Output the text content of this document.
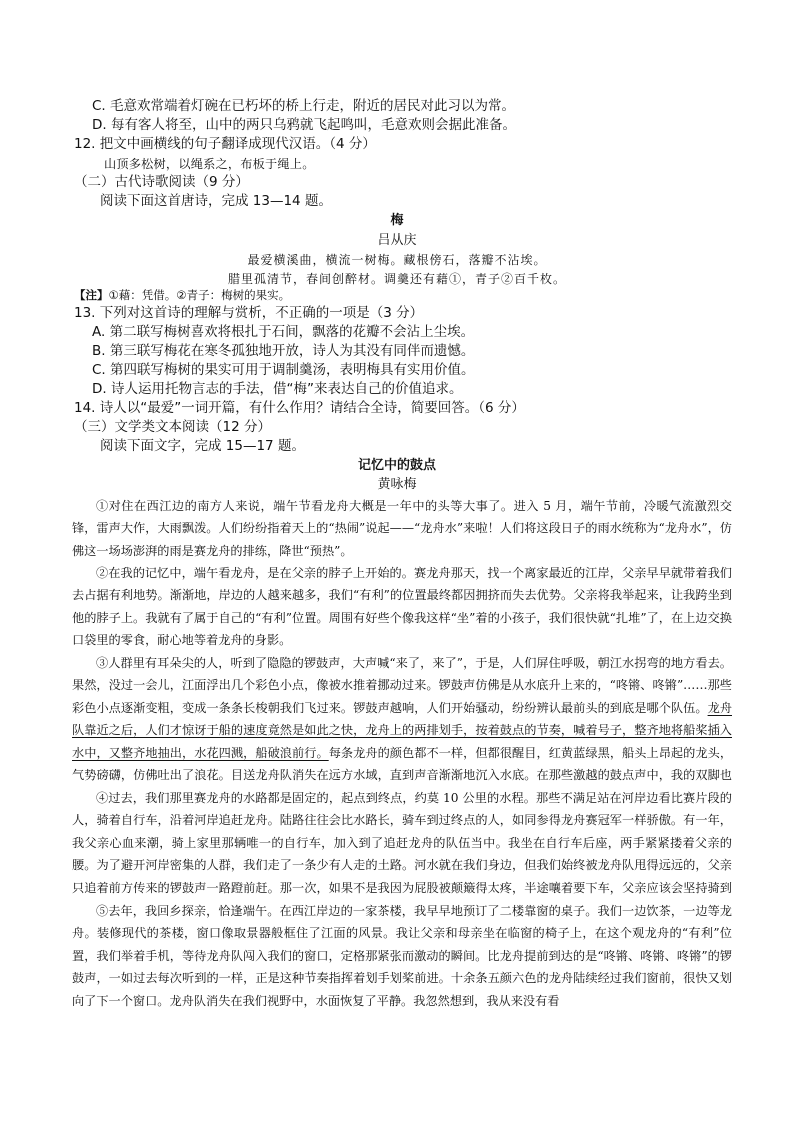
C. 毛意欢常端着灯碗在已朽坏的桥上行走，附近的居民对此习以为常。
D. 每有客人将至，山中的两只乌鸦就飞起鸣叫，毛意欢则会据此准备。
12. 把文中画横线的句子翻译成现代汉语。（4 分）
山顶多松树，以绳系之，布板于绳上。
（二）古代诗歌阅读（9 分）
阅读下面这首唐诗，完成 13—14 题。
梅
吕从庆
最爱横溪曲，横流一树梅。藏根傍石，落瓣不沾埃。
腊里孤清节，春间创醉材。调羹还有藉①，青子②百千枚。
【注】①藉：凭借。②青子：梅树的果实。
13. 下列对这首诗的理解与赏析，不正确的一项是（3 分）
A. 第二联写梅树喜欢将根扎于石间，飘落的花瓣不会沾上尘埃。
B. 第三联写梅花在寒冬孤独地开放，诗人为其没有同伴而遗憾。
C. 第四联写梅树的果实可用于调制羹汤，表明梅具有实用价值。
D. 诗人运用托物言志的手法，借“梅”来表达自己的价值追求。
14. 诗人以“最爱”一词开篇，有什么作用？请结合全诗，简要回答。（6 分）
（三）文学类文本阅读（12 分）
阅读下面文字，完成 15—17 题。
记忆中的鼓点
黄咏梅
①对住在西江边的南方人来说，端午节看龙舟大概是一年中的头等大事了。进入 5 月，端午节前，冷暖气流激烈交锋，雷声大作，大雨飘泼。人们纷纷指着天上的“热闹”说起——“龙舟水”来啦！人们将这段日子的雨水统称为“龙舟水”，仿佛这一场场澎湃的雨是赛龙舟的排练，降世“预热”。
②在我的记忆中，端午看龙舟，是在父亲的脖子上开始的。赛龙舟那天，找一个离家最近的江岸，父亲早早就带着我们去占据有利地势。渐渐地，岸边的人越来越多，我们“有利”的位置最终都因拥挤而失去优势。父亲将我举起来，让我跨坐到他的脖子上。我就有了属于自己的“有利”位置。周围有好些个像我这样“坐”着的小孩子，我们很快就“扎堆”了，在上边交换口袋里的零食，耐心地等着龙舟的身影。
③人群里有耳朵尖的人，听到了隐隐的锣鼓声，大声喊“来了，来了”，于是，人们屏住呼吸，朝江水拐弯的地方看去。果然，没过一会儿，江面浮出几个彩色小点，像被水推着挪动过来。锣鼓声仿佛是从水底升上来的，“咚锵、咚锵”……那些彩色小点逐渐变粗，变成一条条长梭朝我们飞过来。锣鼓声越响，人们开始骚动，纷纷辨认最前头的到底是哪个队伍。龙舟队靠近之后，人们才惊讶于船的速度竟然是如此之快，龙舟上的两排划手，按着鼓点的节奏，喊着号子，整齐地将船桨插入水中，又整齐地抽出，水花四溅，船破浪前行。每条龙舟的颜色都不一样，但都很醒目，红黄蓝绿黑，船头上昂起的龙头，气势磅礴，仿佛吐出了浪花。目送龙舟队消失在远方水域，直到声音渐渐地沉入水底。在那些激越的鼓点声中，我的双脚也
④过去，我们那里赛龙舟的水路都是固定的，起点到终点，约莫 10 公里的水程。那些不满足站在河岸边看比赛片段的人，骑着自行车，沿着河岸追赶龙舟。陆路往往会比水路长，骑车到过终点的人，如同参得龙舟赛冠军一样骄傲。有一年，我父亲心血来潮，骑上家里那辆唯一的自行车，加入到了追赶龙舟的队伍当中。我坐在自行车后座，两手紧紧搂着父亲的腰。为了避开河岸密集的人群，我们走了一条少有人走的土路。河水就在我们身边，但我们始终被龙舟队甩得远远的，父亲只追着前方传来的锣鼓声一路蹬前赶。那一次，如果不是我因为屁股被颠簸得太疼，半途嚷着要下车，父亲应该会坚持骑到
⑤去年，我回乡探亲，恰逢端午。在西江岸边的一家茶楼，我早早地预订了二楼靠窗的桌子。我们一边饮茶，一边等龙舟。装修现代的茶楼，窗口像取景器般框住了江面的风景。我让父亲和母亲坐在临窗的椅子上，在这个观龙舟的“有利”位置，我们举着手机，等待龙舟队闯入我们的窗口，定格那紧张而激动的瞬间。比龙舟提前到达的是“咚锵、咚锵、咚锵”的锣鼓声，一如过去每次听到的一样，正是这种节奏指挥着划手划桨前进。十余条五颜六色的龙舟陆续经过我们窗前，很快又划向了下一个窗口。龙舟队消失在我们视野中，水面恢复了平静。我忽然想到，我从来没有看
